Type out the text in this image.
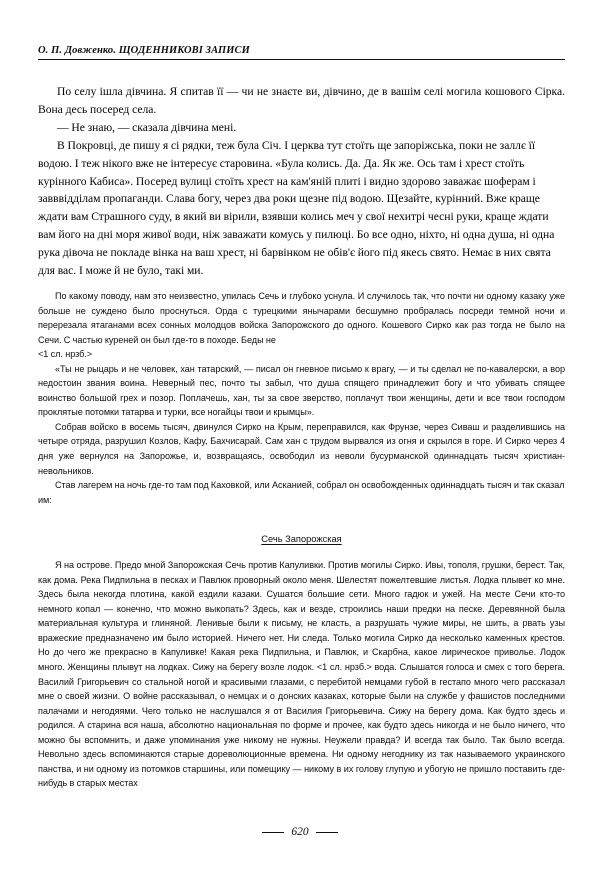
О. П. Довженко. ЩОДЕННИКОВІ ЗАПИСИ

По селу ішла дівчина. Я спитав її — чи не знаєте ви, дівчино, де в вашім селі могила кошового Сірка. Вона десь посеред села.

— Не знаю, — сказала дівчина мені.

В Покровці, де пишу я сі рядки, теж була Січ. І церква тут стоїть ще запоріжська, поки не заллє її водою. І теж нікого вже не інтересує старовина. «Була колись. Да. Да. Як же. Ось там і хрест стоїть курінного Кабиса». Посеред вулиці стоїть хрест на кам'яній плиті і видно здорово заважає шоферам і завввідділам пропаганди. Слава богу, через два роки щезне під водою. Щезайте, курінний. Вже краще ждати вам Страшного суду, в який ви вірили, взявши колись меч у свої нехитрі чесні руки, краще ждати вам його на дні моря живої води, ніж заважати комусь у пилюці. Бо все одно, ніхто, ні одна душа, ні одна рука дівоча не покладе вінка на ваш хрест, ні барвінком не обів'є його під якесь свято. Немає в них свята для вас. І може й не було, такі ми.

По какому поводу, нам это неизвестно, упилась Сечь и глубоко уснула. И случилось так, что почти ни одному казаку уже больше не суждено было проснуться. Орда с турецкими янычарами бесшумно пробралась посреди темной ночи и перерезала ятаганами всех сонных молодцов войска Запорожского до одного. Кошевого Сирко как раз тогда не было на Сечи. С частью куреней он был где-то в походе. Беды не

<1 сл. нрзб.>

«Ты не рыцарь и не человек, хан татарский, — писал он гневное письмо к врагу, — и ты сделал не по-кавалерски, а вор недостоин звания воина. Неверный пес, почто ты забыл, что душа спящего принадлежит богу и что убивать спящее воинство большой грех и позор. Поплачешь, хан, ты за свое зверство, поплачут твои женщины, дети и все твои господом проклятые потомки татарва и турки, все ногайцы твои и крымцы».

Собрав войско в восемь тысяч, двинулся Сирко на Крым, переправился, как Фрунзе, через Сиваш и разделившись на четыре отряда, разрушил Козлов, Кафу, Бахчисарай. Сам хан с трудом вырвался из огня и скрылся в горе. И Сирко через 4 дня уже вернулся на Запорожье, и, возвращаясь, освободил из неволи бусурманской одиннадцать тысяч христиан-невольников.

Став лагерем на ночь где-то там под Каховкой, или Асканией, собрал он освобожденных одиннадцать тысяч и так сказал им:

Сечь Запорожская

Я на острове. Предо мной Запорожская Сечь против Капуливки. Против могилы Сирко. Ивы, тополя, грушки, берест. Так, как дома. Река Пидпильна в песках и Павлюк проворный около меня. Шелестят пожелтевшие листья. Лодка плывет ко мне. Здесь была некогда плотина, какой ездили казаки. Сушатся большие сети. Много гадюк и ужей. На месте Сечи кто-то немного копал — конечно, что можно выкопать? Здесь, как и везде, строились наши предки на песке. Деревянной была материальная культура и глиняной. Ленивые были к письму, не класть, а разрушать чужие миры, не шить, а рвать узы вражеские предназначено им было историей. Ничего нет. Ни следа. Только могила Сирко да несколько каменных крестов. Но до чего же прекрасно в Капуливке! Какая река Пидпильна, и Павлюк, и Скарбна, какое лирическое приволье. Лодок много. Женщины плывут на лодках. Сижу на берегу возле лодок. <1 сл. нрзб.> вода. Слышатся голоса и смех с того берега. Василий Григорьевич со стальной ногой и красивыми глазами, с перебитой немцами губой в гестапо много чего рассказал мне о своей жизни. О войне рассказывал, о немцах и о донских казаках, которые были на службе у фашистов последними палачами и негодяями. Чего только не наслушался я от Василия Григорьевича. Сижу на берегу дома. Как будто здесь и родился. А старина вся наша, абсолютно национальная по форме и прочее, как будто здесь никогда и не было ничего, что можно бы вспомнить, и даже упоминания уже никому не нужны. Неужели правда? И всегда так было. Так было всегда. Невольно здесь вспоминаются старые дореволюционные времена. Ни одному негоднику из так называемого украинского панства, и ни одному из потомков старшины, или помещику — никому в их голову глупую и убогую не пришло поставить где-нибудь в старых местах

620
